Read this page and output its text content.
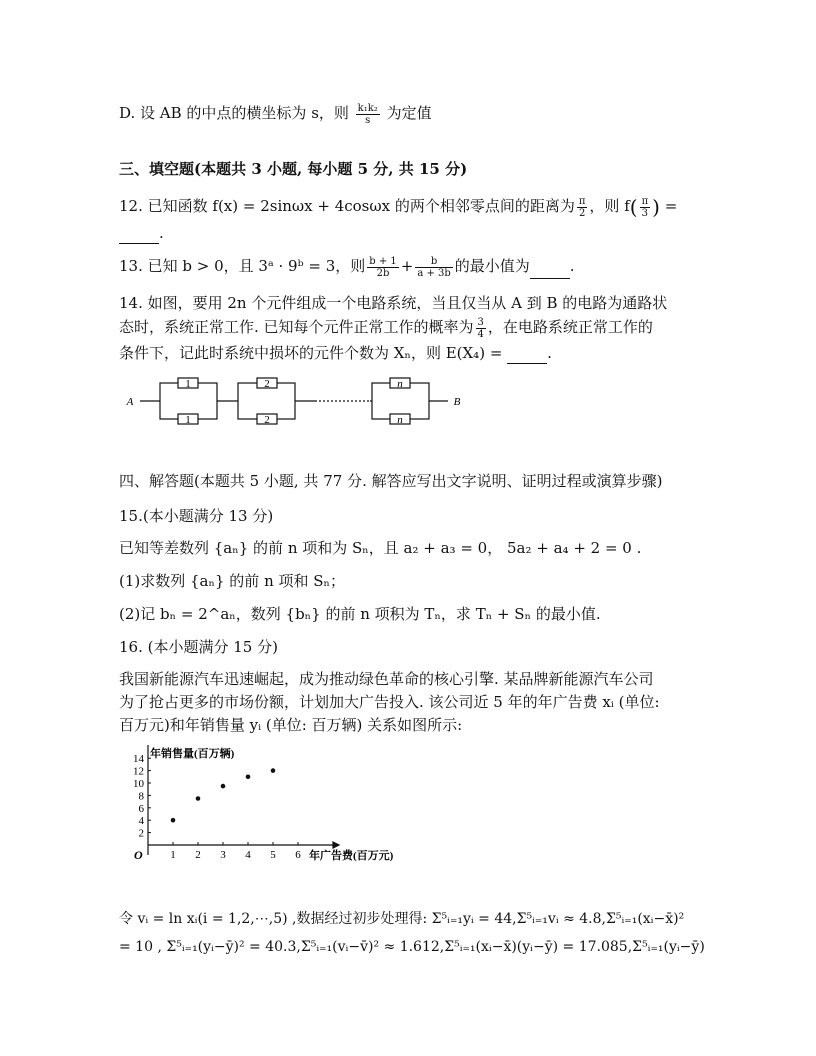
D. 设 AB 的中点的横坐标为 s，则 $\frac{\text{k₁k₂}}{s}$ 为定值
三、填空题(本题共 3 小题, 每小题 5 分, 共 15 分)
12. 已知函数 f(x) = 2sinωx + 4cosωx 的两个相邻零点间的距离为 $\frac{\pi}{2}$ ，则 $f( \frac{\pi}{3}$ ) =
.
13. 已知 b > 0，且 3ᵃ · 9ᵇ = 3，则 $\frac{b + 1}{2b} + \frac{b}{a + 3b}$ 的最小值为	.
14. 如图，要用 2n 个元件组成一个电路系统，当且仅当从 A 到 B 的电路为通路状
态时，系统正常工作. 已知每个元件正常工作的概率为 $\frac{3}{4}$ ，在电路系统正常工作的
条件下，记此时系统中损坏的元件个数为 Xₙ，则 E(X₄) =	.
A	B
1
1
2
2
n
n
四、解答题(本题共 5 小题, 共 77 分. 解答应写出文字说明、证明过程或演算步骤)
15.(本小题满分 13 分)
已知等差数列 {aₙ} 的前 n 项和为 Sₙ，且 a₂ + a₃ = 0， 5a₂ + a₄ + 2 = 0 .
(1)求数列 {aₙ} 的前 n 项和 Sₙ；
(2)记 bₙ = 2^aₙ，数列 {bₙ} 的前 n 项积为 Tₙ，求 Tₙ + Sₙ 的最小值.
16. (本小题满分 15 分)
我国新能源汽车迅速崛起，成为推动绿色革命的核心引擎. 某品牌新能源汽车公司
为了抢占更多的市场份额，计划加大广告投入. 该公司近 5 年的年广告费 xᵢ (单位:
百万元)和年销售量 yᵢ (单位: 百万辆) 关系如图所示:
1 2 3 4 5 6
2
4
6
8
10
12
14
O
年销售量(百万辆)
年广告费(百万元)
令 vᵢ = ln xᵢ(i = 1,2,⋯,5) ,数据经过初步处理得: Σ⁵ᵢ₌₁yᵢ = 44,Σ⁵ᵢ₌₁vᵢ ≈ 4.8,Σ⁵ᵢ₌₁(xᵢ−x̄)²
= 10 , Σ⁵ᵢ₌₁(yᵢ−ȳ)² = 40.3,Σ⁵ᵢ₌₁(vᵢ−v̄)² ≈ 1.612,Σ⁵ᵢ₌₁(xᵢ−x̄)(yᵢ−ȳ) = 17.085,Σ⁵ᵢ₌₁(yᵢ−ȳ)
